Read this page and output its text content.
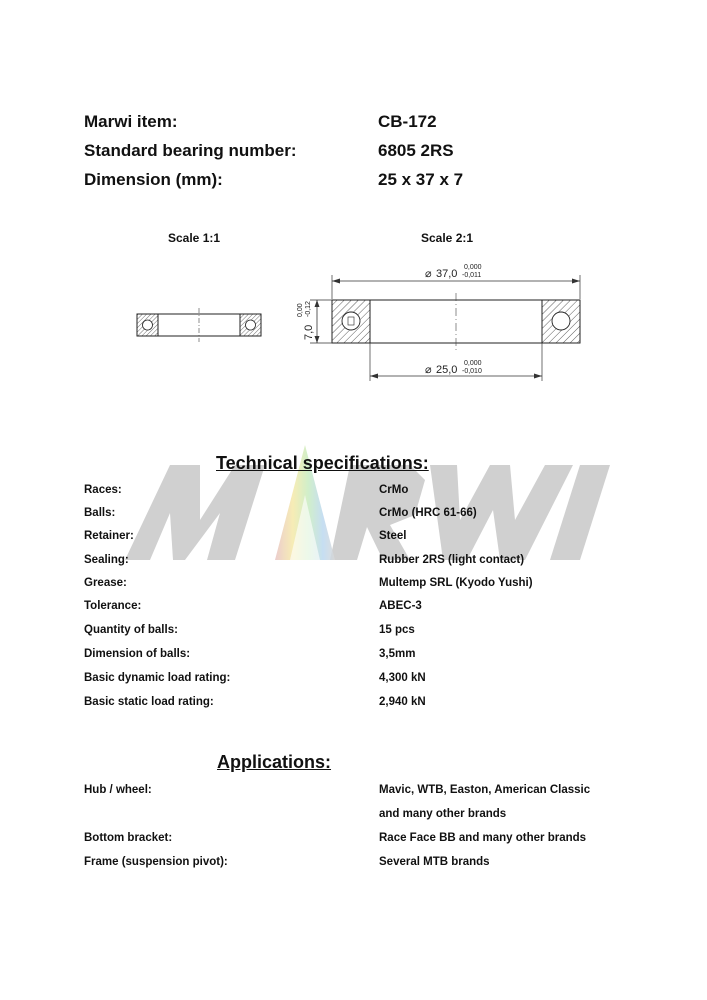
Marwi item:	CB-172
Standard bearing number:	6805 2RS
Dimension (mm):	25 x 37 x 7
Scale 1:1	Scale 2:1
⌀ 37,0
0,000
-0,011
7,0
0,00 -0,12
⌀ 25,0
0,000
-0,010
Technical specifications:
Races:	CrMo
Balls:	CrMo (HRC 61-66)
Retainer:	Steel
Sealing:	Rubber 2RS (light contact)
Grease:	Multemp SRL (Kyodo Yushi)
Tolerance:	ABEC-3
Quantity of balls:	15 pcs
Dimension of balls:	3,5mm
Basic dynamic load rating:	4,300 kN
Basic static load rating:	2,940 kN
Applications:
Hub / wheel:	Mavic, WTB, Easton, American Classic
and many other brands
Bottom bracket:	Race Face BB and many other brands
Frame (suspension pivot):	Several MTB brands
